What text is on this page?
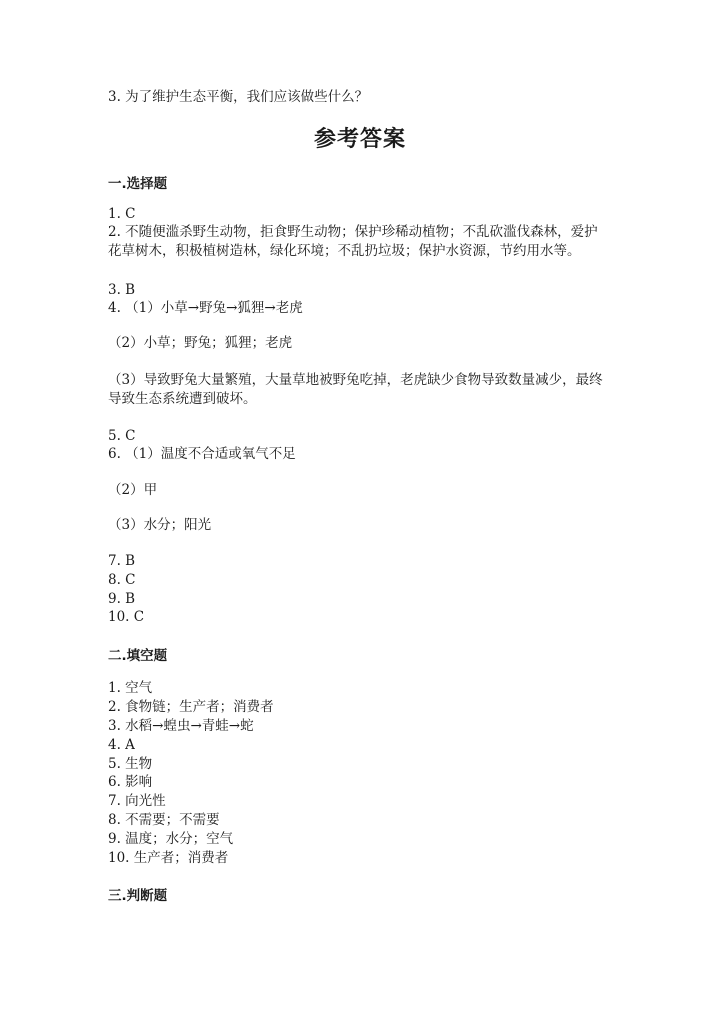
3. 为了维护生态平衡，我们应该做些什么？
参考答案
一.选择题
1. C
2. 不随便滥杀野生动物，拒食野生动物；保护珍稀动植物；不乱砍滥伐森林，爱护花草树木，积极植树造林，绿化环境；不乱扔垃圾；保护水资源，节约用水等。
3. B
4. （1）小草→野兔→狐狸→老虎
（2）小草；野兔；狐狸；老虎
（3）导致野兔大量繁殖，大量草地被野兔吃掉，老虎缺少食物导致数量减少，最终导致生态系统遭到破坏。
5. C
6. （1）温度不合适或氧气不足
（2）甲
（3）水分；阳光
7. B
8. C
9. B
10. C
二.填空题
1. 空气
2. 食物链；生产者；消费者
3. 水稻→蝗虫→青蛙→蛇
4. A
5. 生物
6. 影响
7. 向光性
8. 不需要；不需要
9. 温度；水分；空气
10. 生产者；消费者
三.判断题
